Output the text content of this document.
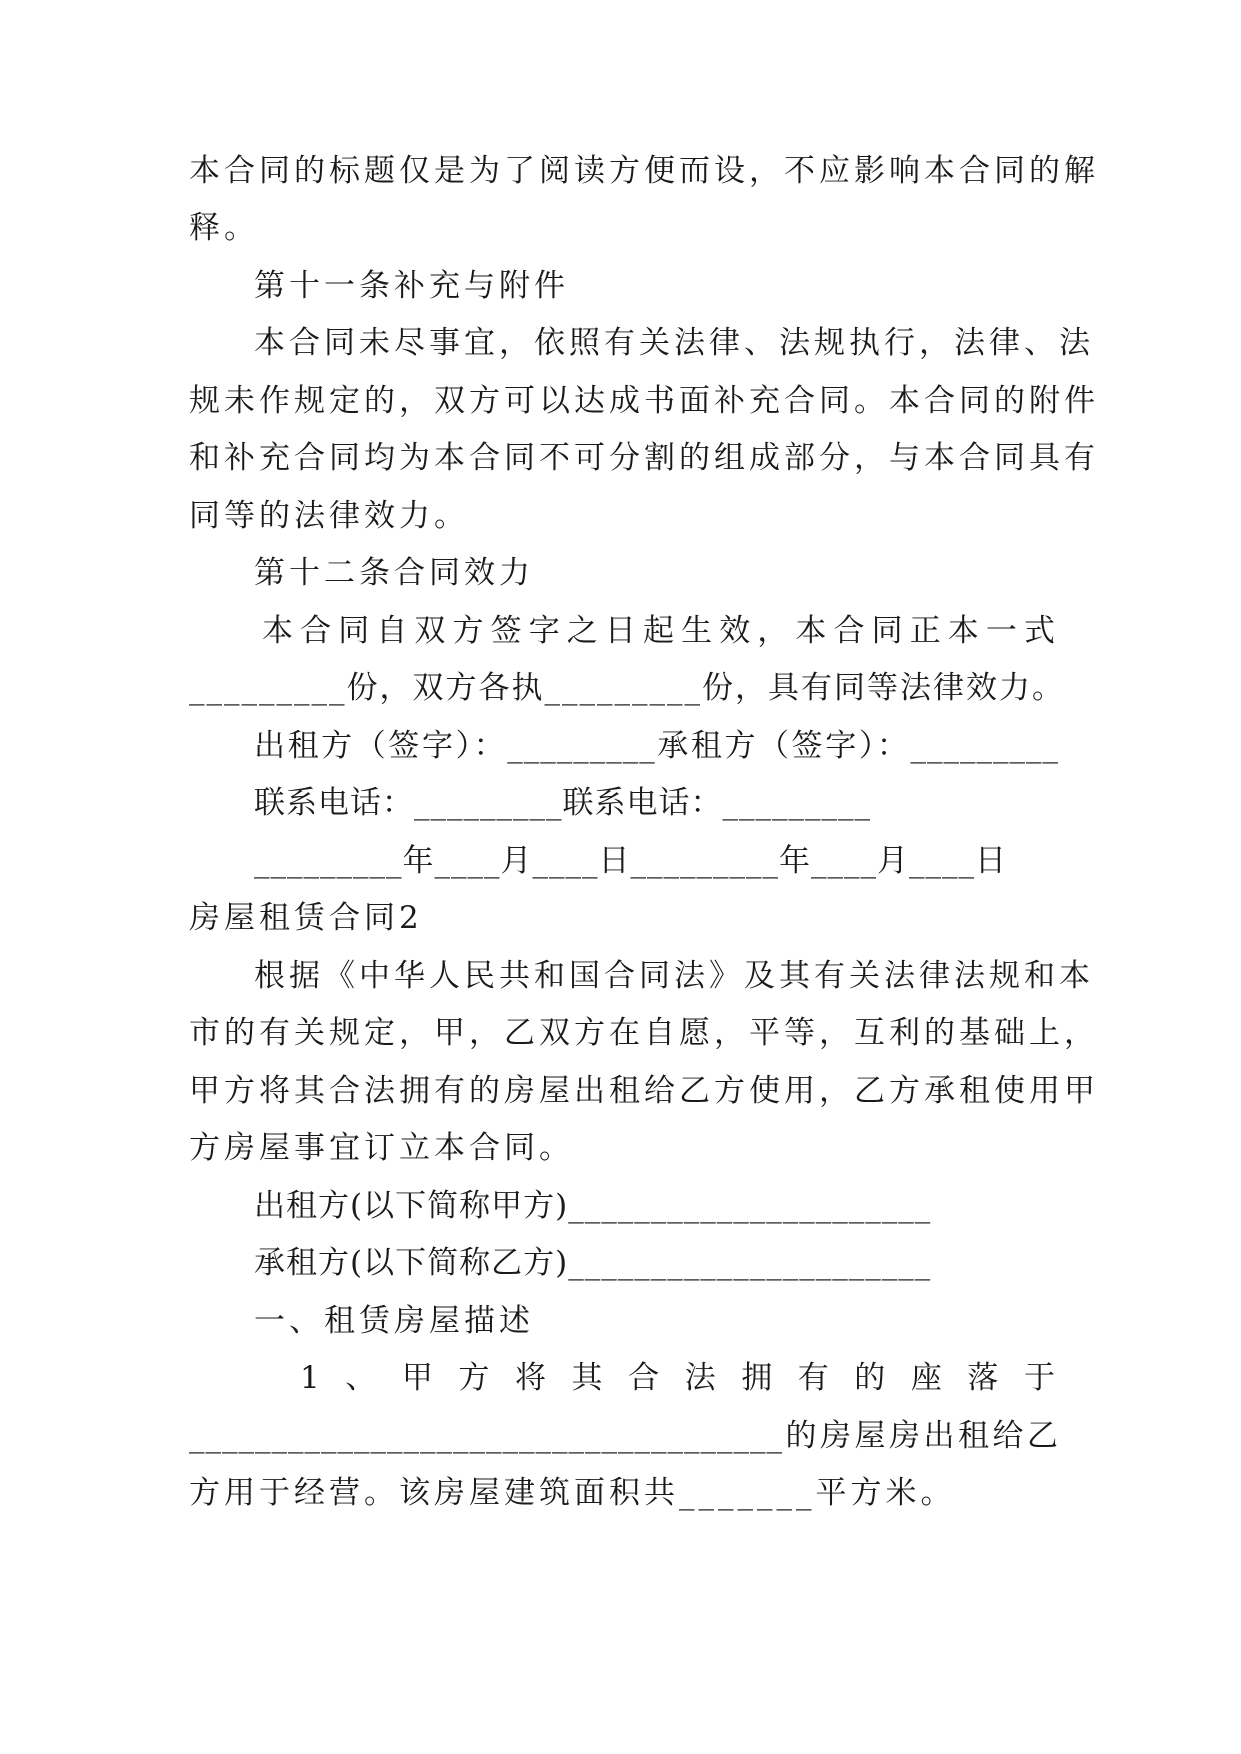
本合同的标题仅是为了阅读方便而设，不应影响本合同的解
释。
第十一条补充与附件
本合同未尽事宜，依照有关法律、法规执行，法律、法
规未作规定的，双方可以达成书面补充合同。本合同的附件
和补充合同均为本合同不可分割的组成部分，与本合同具有
同等的法律效力。
第十二条合同效力
本合同自双方签字之日起生效，本合同正本一式
_________份，双方各执_________份，具有同等法律效力。
出租方（签字）：_________承租方（签字）：_________
联系电话：_________联系电话：_________
_________年____月____日_________年____月____日
房屋租赁合同2
根据《中华人民共和国合同法》及其有关法律法规和本
市的有关规定，甲，乙双方在自愿，平等，互利的基础上，
甲方将其合法拥有的房屋出租给乙方使用，乙方承租使用甲
方房屋事宜订立本合同。
出租方(以下简称甲方)______________________
承租方(以下简称乙方)______________________
一、租赁房屋描述
1、甲方将其合法拥有的座落于
____________________________________的房屋房出租给乙
方用于经营。该房屋建筑面积共_______平方米。
